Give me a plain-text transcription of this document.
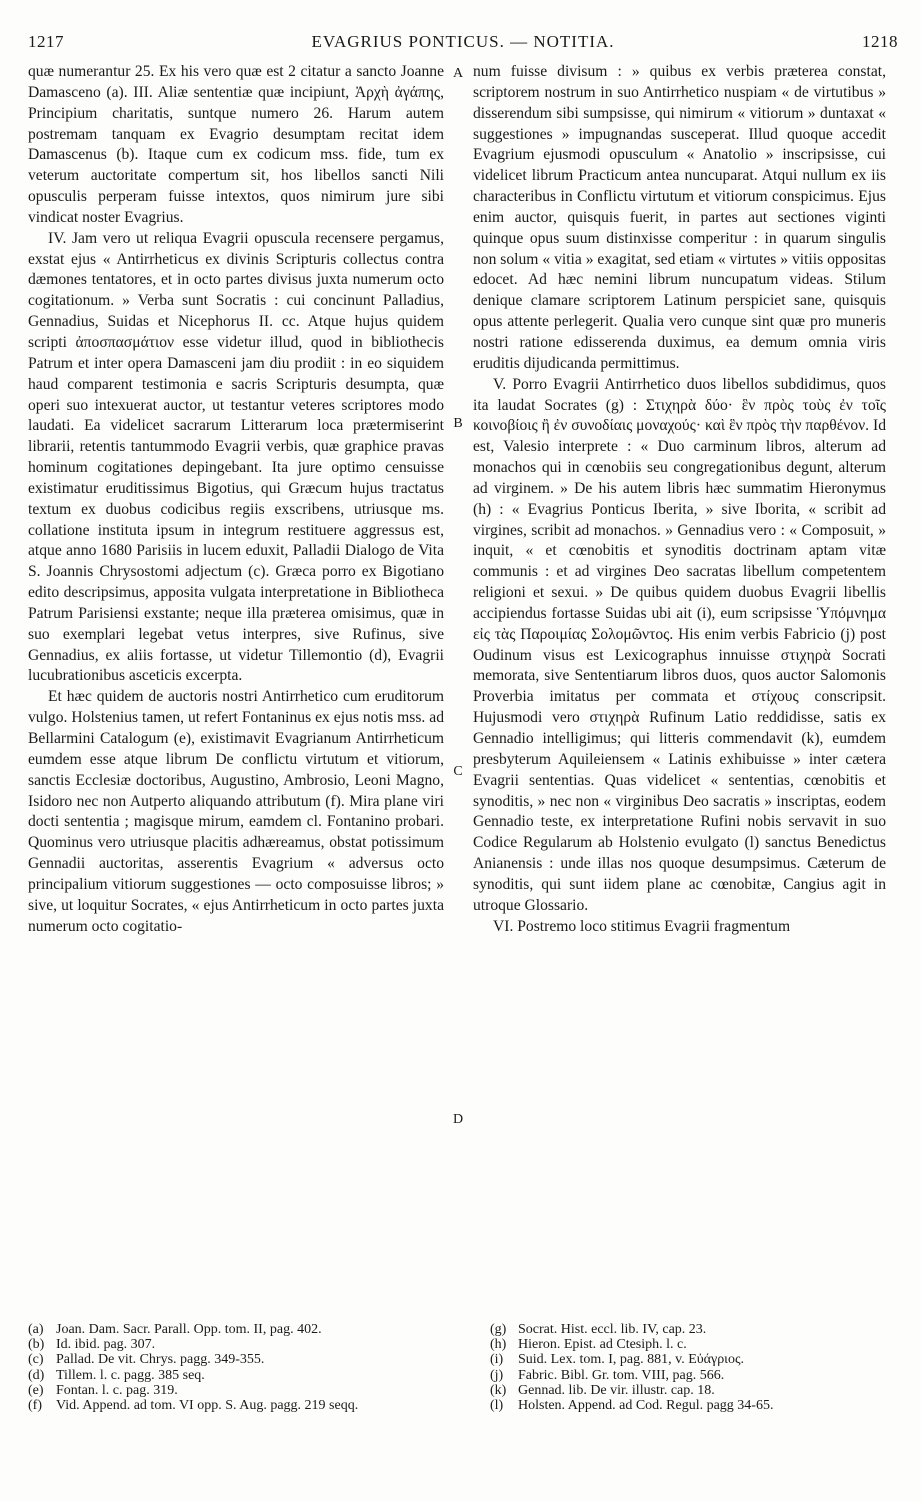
1217	EVAGRIUS PONTICUS. — NOTITIA.	1218

quæ numerantur 25. Ex his vero quæ est 2 citatur a sancto Joanne Damasceno (a). III. Aliæ sententiæ quæ incipiunt, Ἀρχὴ ἀγάπης, Principium charitatis, suntque numero 26. Harum autem postremam tanquam ex Evagrio desumptam recitat idem Damascenus (b). Itaque cum ex codicum mss. fide, tum ex veterum auctoritate compertum sit, hos libellos sancti Nili opusculis perperam fuisse intextos, quos nimirum jure sibi vindicat noster Evagrius.

IV. Jam vero ut reliqua Evagrii opuscula recensere pergamus, exstat ejus « Antirrheticus ex divinis Scripturis collectus contra dæmones tentatores, et in octo partes divisus juxta numerum octo cogitationum. » Verba sunt Socratis : cui concinunt Palladius, Gennadius, Suidas et Nicephorus II. cc. Atque hujus quidem scripti ἀποσπασμάτιον esse videtur illud, quod in bibliothecis Patrum et inter opera Damasceni jam diu prodiit : in eo siquidem haud comparent testimonia e sacris Scripturis desumpta, quæ operi suo intexuerat auctor, ut testantur veteres scriptores modo laudati. Ea videlicet sacrarum Litterarum loca prætermiserint librarii, retentis tantummodo Evagrii verbis, quæ graphice pravas hominum cogitationes depingebant. Ita jure optimo censuisse existimatur eruditissimus Bigotius, qui Græcum hujus tractatus textum ex duobus codicibus regiis exscribens, utriusque ms. collatione instituta ipsum in integrum restituere aggressus est, atque anno 1680 Parisiis in lucem eduxit, Palladii Dialogo de Vita S. Joannis Chrysostomi adjectum (c). Græca porro ex Bigotiano edito descripsimus, apposita vulgata interpretatione in Bibliotheca Patrum Parisiensi exstante; neque illa præterea omisimus, quæ in suo exemplari legebat vetus interpres, sive Rufinus, sive Gennadius, ex aliis fortasse, ut videtur Tillemontio (d), Evagrii lucubrationibus asceticis excerpta.

Et hæc quidem de auctoris nostri Antirrhetico cum eruditorum vulgo. Holstenius tamen, ut refert Fontaninus ex ejus notis mss. ad Bellarmini Catalogum (e), existimavit Evagrianum Antirrheticum eumdem esse atque librum De conflictu virtutum et vitiorum, sanctis Ecclesiæ doctoribus, Augustino, Ambrosio, Leoni Magno, Isidoro nec non Autperto aliquando attributum (f). Mira plane viri docti sententia ; magisque mirum, eamdem cl. Fontanino probari. Quominus vero utriusque placitis adhæreamus, obstat potissimum Gennadii auctoritas, asserentis Evagrium « adversus octo principalium vitiorum suggestiones — octo composuisse libros; » sive, ut loquitur Socrates, « ejus Antirrheticum in octo partes juxta numerum octo cogitatio-

A
B
C
D

num fuisse divisum : » quibus ex verbis præterea constat, scriptorem nostrum in suo Antirrhetico nuspiam « de virtutibus » disserendum sibi sumpsisse, qui nimirum « vitiorum » duntaxat « suggestiones » impugnandas susceperat. Illud quoque accedit Evagrium ejusmodi opusculum « Anatolio » inscripsisse, cui videlicet librum Practicum antea nuncuparat. Atqui nullum ex iis characteribus in Conflictu virtutum et vitiorum conspicimus. Ejus enim auctor, quisquis fuerit, in partes aut sectiones viginti quinque opus suum distinxisse comperitur : in quarum singulis non solum « vitia » exagitat, sed etiam « virtutes » vitiis oppositas edocet. Ad hæc nemini librum nuncupatum videas. Stilum denique clamare scriptorem Latinum perspiciet sane, quisquis opus attente perlegerit. Qualia vero cunque sint quæ pro muneris nostri ratione edisserenda duximus, ea demum omnia viris eruditis dijudicanda permittimus.

V. Porro Evagrii Antirrhetico duos libellos subdidimus, quos ita laudat Socrates (g) : Στιχηρὰ δύο· ἓν πρὸς τοὺς ἐν τοῖς κοινοβίοις ἢ ἐν συνοδίαις μοναχούς· καὶ ἓν πρὸς τὴν παρθένον. Id est, Valesio interprete : « Duo carminum libros, alterum ad monachos qui in cœnobiis seu congregationibus degunt, alterum ad virginem. » De his autem libris hæc summatim Hieronymus (h) : « Evagrius Ponticus Iberita, » sive Iborita, « scribit ad virgines, scribit ad monachos. » Gennadius vero : « Composuit, » inquit, « et cœnobitis et synoditis doctrinam aptam vitæ communis : et ad virgines Deo sacratas libellum competentem religioni et sexui. » De quibus quidem duobus Evagrii libellis accipiendus fortasse Suidas ubi ait (i), eum scripsisse Ὑπόμνημα εἰς τὰς Παροιμίας Σολομῶντος. His enim verbis Fabricio (j) post Oudinum visus est Lexicographus innuisse στιχηρὰ Socrati memorata, sive Sententiarum libros duos, quos auctor Salomonis Proverbia imitatus per commata et στίχους conscripsit. Hujusmodi vero στιχηρὰ Rufinum Latio reddidisse, satis ex Gennadio intelligimus; qui litteris commendavit (k), eumdem presbyterum Aquileiensem « Latinis exhibuisse » inter cætera Evagrii sententias. Quas videlicet « sententias, cœnobitis et synoditis, » nec non « virginibus Deo sacratis » inscriptas, eodem Gennadio teste, ex interpretatione Rufini nobis servavit in suo Codice Regularum ab Holstenio evulgato (l) sanctus Benedictus Anianensis : unde illas nos quoque desumpsimus. Cæterum de synoditis, qui sunt iidem plane ac cœnobitæ, Cangius agit in utroque Glossario.

VI. Postremo loco stitimus Evagrii fragmentum

(a) Joan. Dam. Sacr. Parall. Opp. tom. II, pag. 402.
(b) Id. ibid. pag. 307.
(c) Pallad. De vit. Chrys. pagg. 349-355.
(d) Tillem. l. c. pagg. 385 seq.
(e) Fontan. l. c. pag. 319.
(f) Vid. Append. ad tom. VI opp. S. Aug. pagg. 219 seqq.
(g) Socrat. Hist. eccl. lib. IV, cap. 23.
(h) Hieron. Epist. ad Ctesiph. l. c.
(i) Suid. Lex. tom. I, pag. 881, v. Εὐάγριος.
(j) Fabric. Bibl. Gr. tom. VIII, pag. 566.
(k) Gennad. lib. De vir. illustr. cap. 18.
(l) Holsten. Append. ad Cod. Regul. pagg 34-65.
